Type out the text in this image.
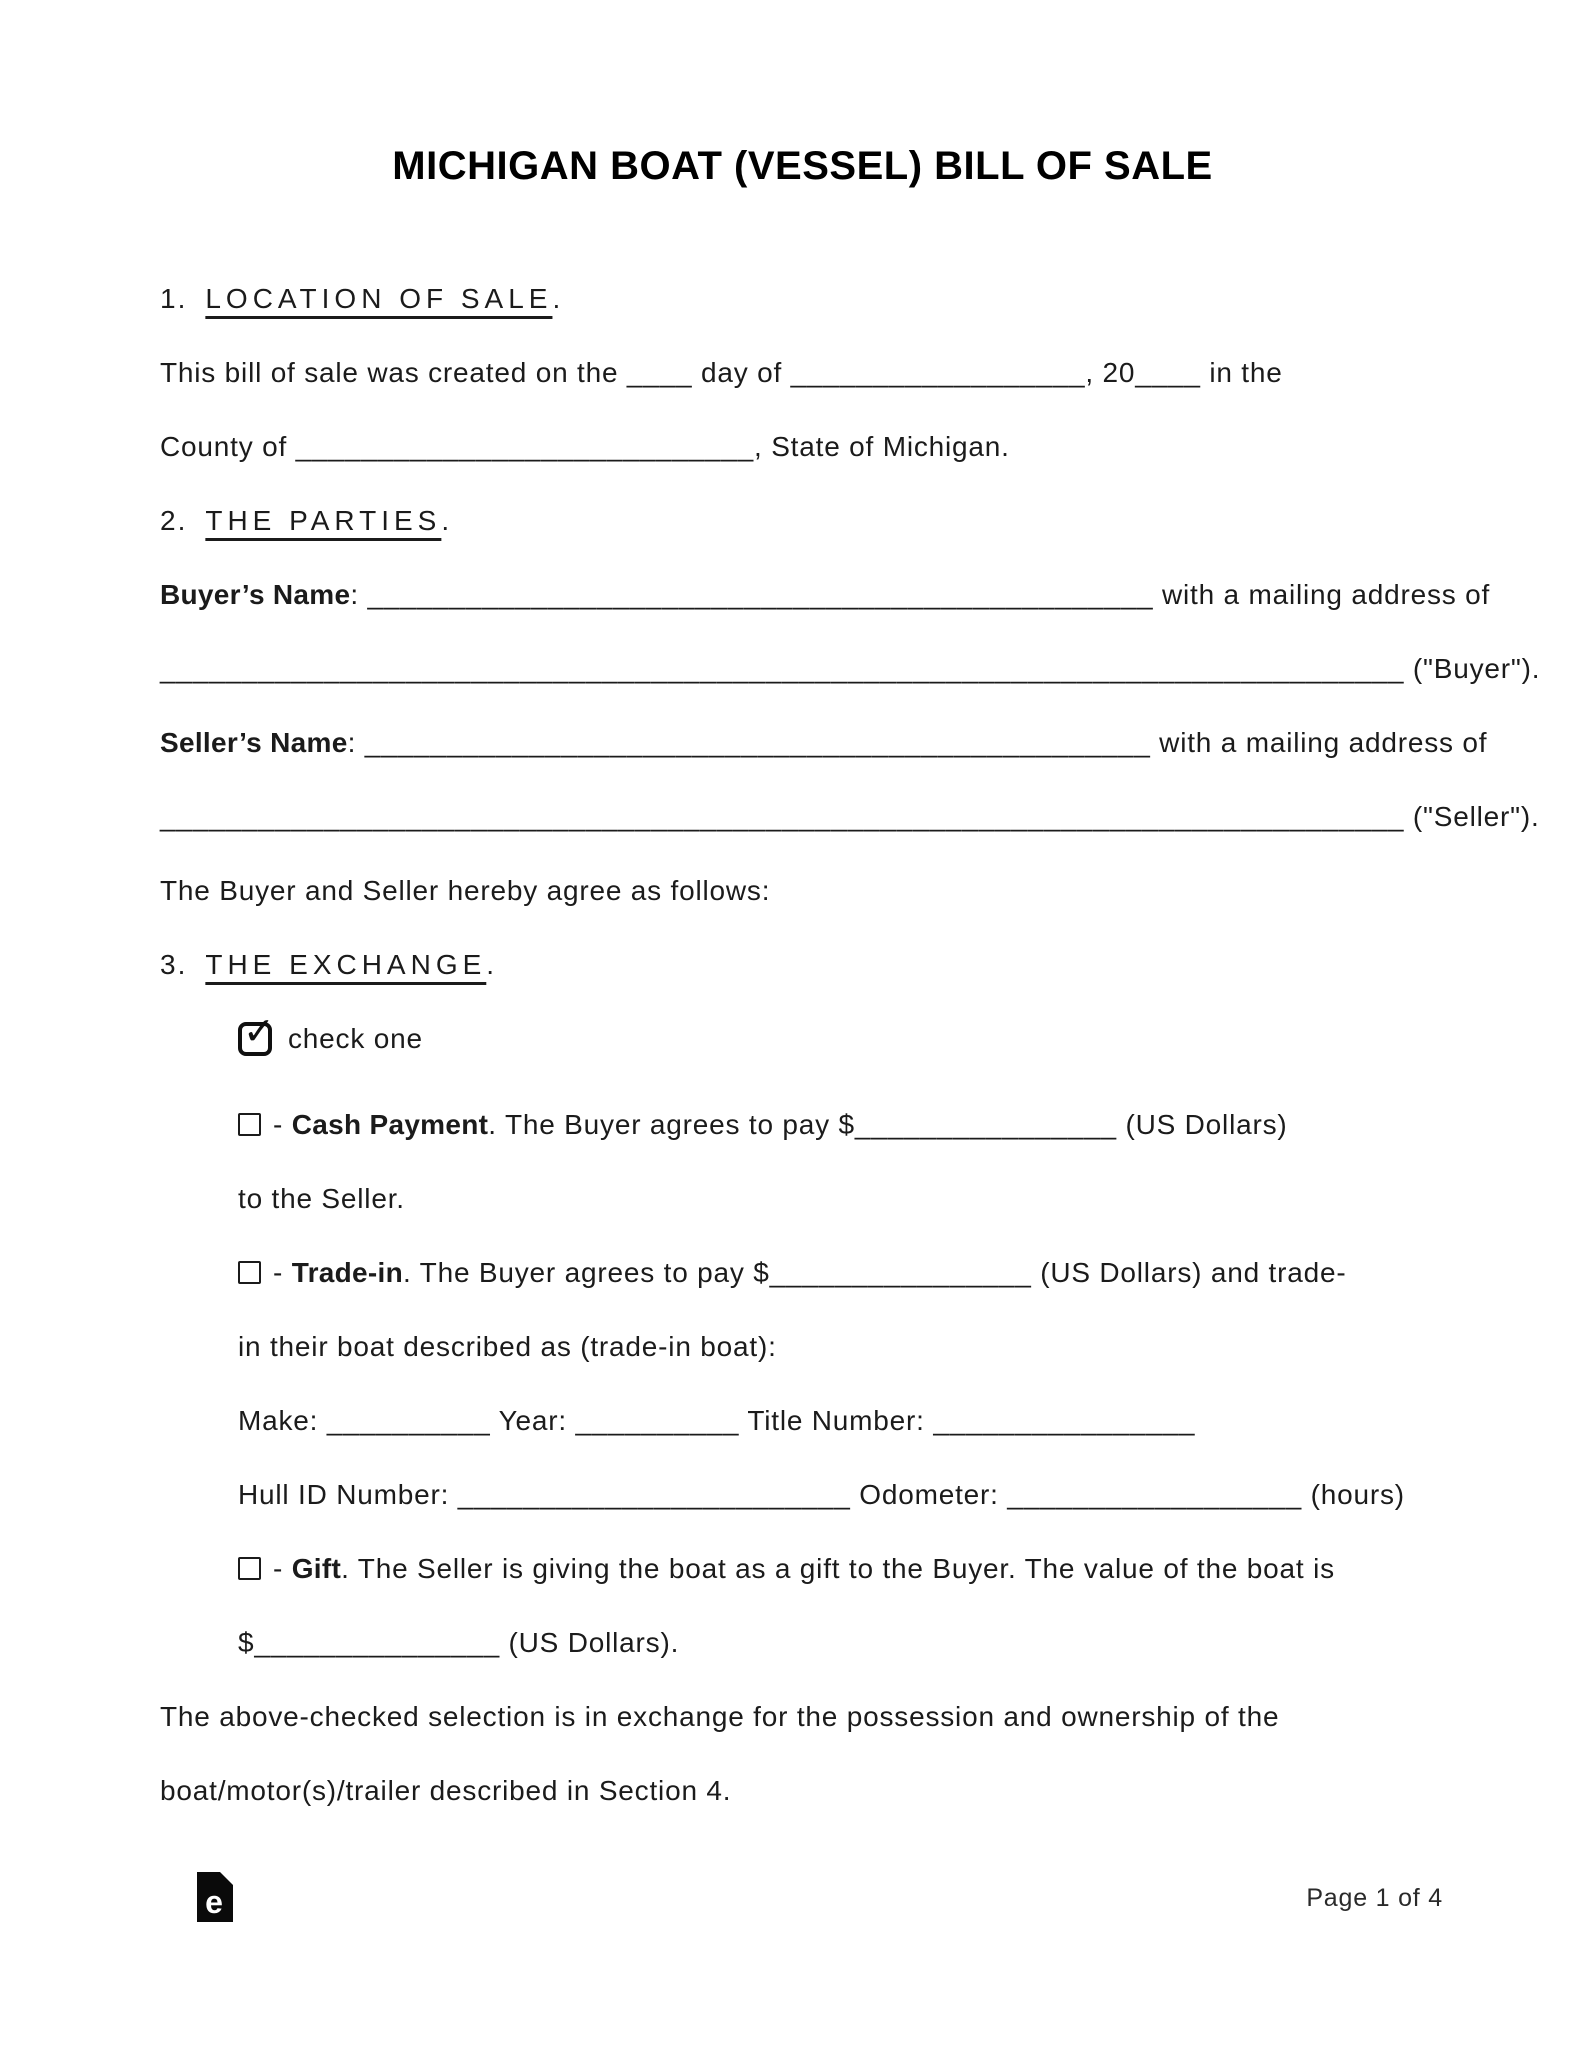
MICHIGAN BOAT (VESSEL) BILL OF SALE
1. LOCATION OF SALE.
This bill of sale was created on the ____ day of __________________, 20____ in the
County of ____________________________, State of Michigan.
2. THE PARTIES.
Buyer’s Name: ________________________________________________ with a mailing address of
____________________________________________________________________________ ("Buyer").
Seller’s Name: ________________________________________________ with a mailing address of
____________________________________________________________________________ ("Seller").
The Buyer and Seller hereby agree as follows:
3. THE EXCHANGE.
✓ check one
- Cash Payment. The Buyer agrees to pay $________________ (US Dollars)
to the Seller.
- Trade-in. The Buyer agrees to pay $________________ (US Dollars) and trade-
in their boat described as (trade-in boat):
Make: __________ Year: __________ Title Number: ________________
Hull ID Number: ________________________ Odometer: __________________ (hours)
- Gift. The Seller is giving the boat as a gift to the Buyer. The value of the boat is
$_______________ (US Dollars).
The above-checked selection is in exchange for the possession and ownership of the
boat/motor(s)/trailer described in Section 4.
e	Page 1 of 4
